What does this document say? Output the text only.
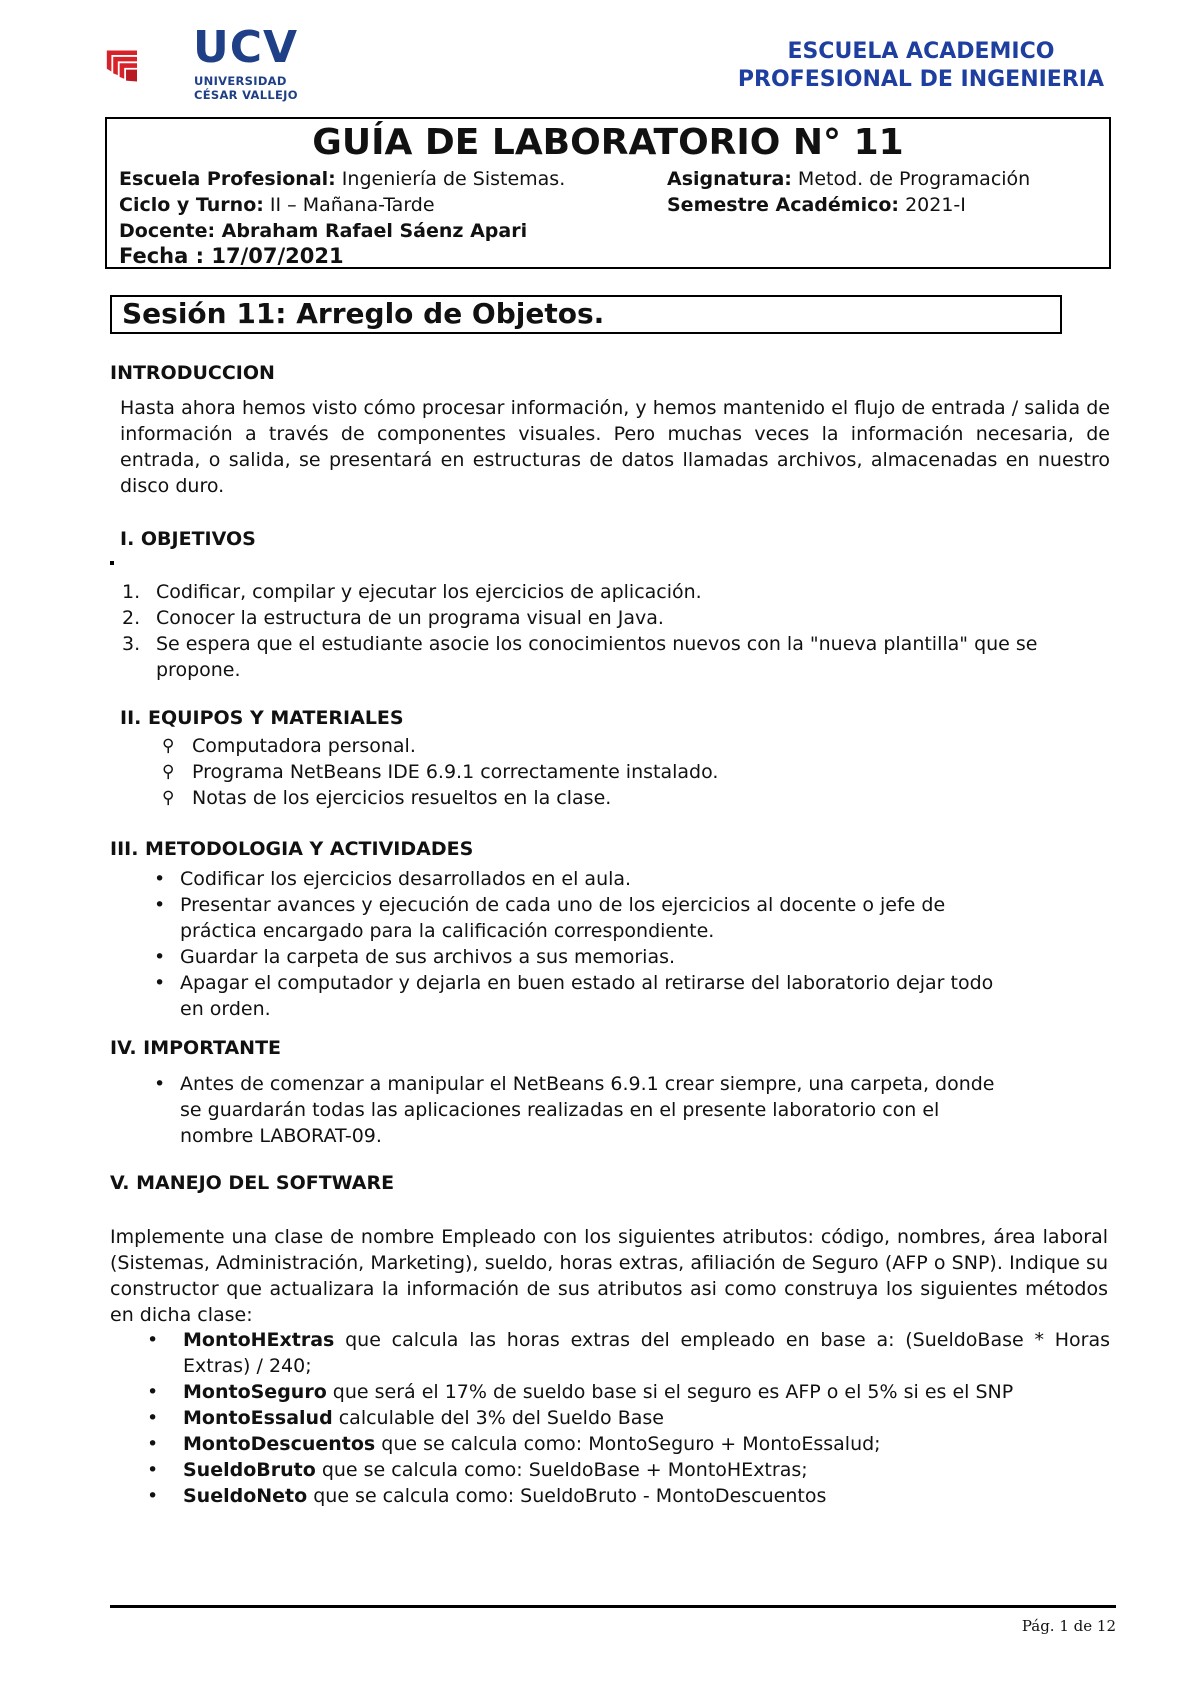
UCV
UNIVERSIDAD
CÉSAR VALLEJO
ESCUELA ACADEMICO
PROFESIONAL DE INGENIERIA
GUÍA DE LABORATORIO N° 11
Escuela Profesional: Ingeniería de Sistemas.	Asignatura: Metod. de Programación
Ciclo y Turno: II – Mañana-Tarde	Semestre Académico: 2021-I
Docente: Abraham Rafael Sáenz Apari
Fecha : 17/07/2021
Sesión 11: Arreglo de Objetos.
INTRODUCCION
Hasta ahora hemos visto cómo procesar información, y hemos mantenido el flujo de entrada / salida de información a través de componentes visuales. Pero muchas veces la información necesaria, de entrada, o salida, se presentará en estructuras de datos llamadas archivos, almacenadas en nuestro disco duro.
I. OBJETIVOS
1. Codificar, compilar y ejecutar los ejercicios de aplicación.
2. Conocer la estructura de un programa visual en Java.
3. Se espera que el estudiante asocie los conocimientos nuevos con la "nueva plantilla" que se propone.
II. EQUIPOS Y MATERIALES
⚲ Computadora personal.
⚲ Programa NetBeans IDE 6.9.1 correctamente instalado.
⚲ Notas de los ejercicios resueltos en la clase.
III. METODOLOGIA Y ACTIVIDADES
• Codificar los ejercicios desarrollados en el aula.
• Presentar avances y ejecución de cada uno de los ejercicios al docente o jefe de práctica encargado para la calificación correspondiente.
• Guardar la carpeta de sus archivos a sus memorias.
• Apagar el computador y dejarla en buen estado al retirarse del laboratorio dejar todo en orden.
IV. IMPORTANTE
• Antes de comenzar a manipular el NetBeans 6.9.1 crear siempre, una carpeta, donde se guardarán todas las aplicaciones realizadas en el presente laboratorio con el nombre LABORAT-09.
V. MANEJO DEL SOFTWARE
Implemente una clase de nombre Empleado con los siguientes atributos: código, nombres, área laboral (Sistemas, Administración, Marketing), sueldo, horas extras, afiliación de Seguro (AFP o SNP). Indique su constructor que actualizara la información de sus atributos asi como construya los siguientes métodos en dicha clase:
• MontoHExtras que calcula las horas extras del empleado en base a: (SueldoBase * Horas Extras) / 240;
• MontoSeguro que será el 17% de sueldo base si el seguro es AFP o el 5% si es el SNP
• MontoEssalud calculable del 3% del Sueldo Base
• MontoDescuentos que se calcula como: MontoSeguro + MontoEssalud;
• SueldoBruto que se calcula como: SueldoBase + MontoHExtras;
• SueldoNeto que se calcula como: SueldoBruto - MontoDescuentos
Pág. 1 de 12
